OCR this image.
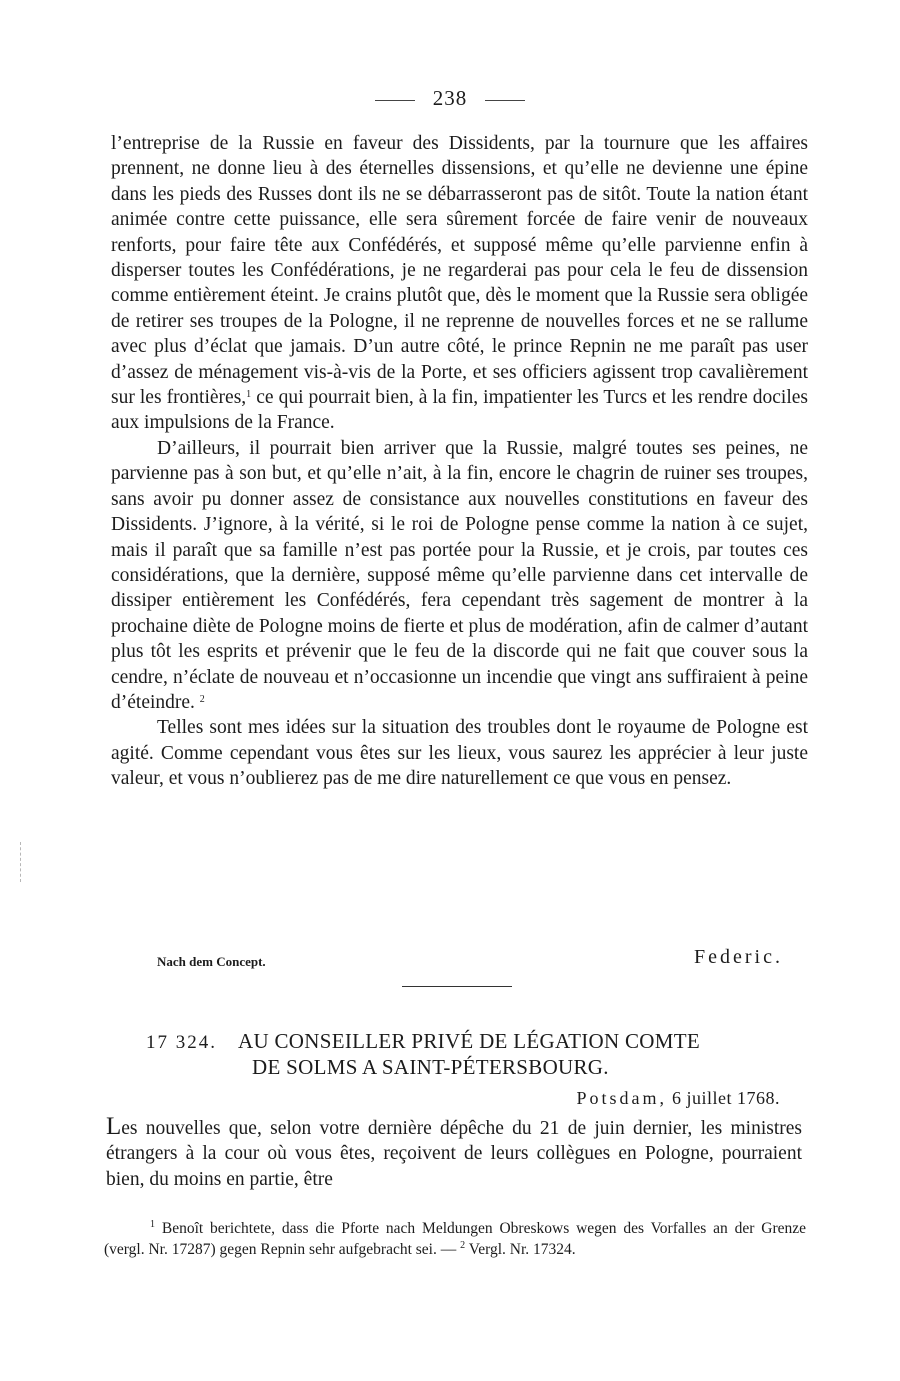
238

l’entreprise de la Russie en faveur des Dissidents, par la tournure que les affaires prennent, ne donne lieu à des éternelles dissensions, et qu’elle ne devienne une épine dans les pieds des Russes dont ils ne se débarrasseront pas de sitôt. Toute la nation étant animée contre cette puissance, elle sera sûrement forcée de faire venir de nouveaux renforts, pour faire tête aux Confédérés, et supposé même qu’elle parvienne enfin à disperser toutes les Confédérations, je ne regarderai pas pour cela le feu de dissension comme entièrement éteint. Je crains plutôt que, dès le moment que la Russie sera obligée de retirer ses troupes de la Pologne, il ne reprenne de nouvelles forces et ne se rallume avec plus d’éclat que jamais. D’un autre côté, le prince Repnin ne me paraît pas user d’assez de ménagement vis-à-vis de la Porte, et ses officiers agissent trop cavalièrement sur les frontières,$^1$ ce qui pourrait bien, à la fin, impatienter les Turcs et les rendre dociles aux impulsions de la France.

D’ailleurs, il pourrait bien arriver que la Russie, malgré toutes ses peines, ne parvienne pas à son but, et qu’elle n’ait, à la fin, encore le chagrin de ruiner ses troupes, sans avoir pu donner assez de consistance aux nouvelles constitutions en faveur des Dissidents. J’ignore, à la vérité, si le roi de Pologne pense comme la nation à ce sujet, mais il paraît que sa famille n’est pas portée pour la Russie, et je crois, par toutes ces considérations, que la dernière, supposé même qu’elle parvienne dans cet intervalle de dissiper entièrement les Confédérés, fera cependant très sagement de montrer à la prochaine diète de Pologne moins de fierte et plus de modération, afin de calmer d’autant plus tôt les esprits et prévenir que le feu de la discorde qui ne fait que couver sous la cendre, n’éclate de nouveau et n’occasionne un incendie que vingt ans suffiraient à peine d’éteindre. $^2$

Telles sont mes idées sur la situation des troubles dont le royaume de Pologne est agité. Comme cependant vous êtes sur les lieux, vous saurez les apprécier à leur juste valeur, et vous n’oublierez pas de me dire naturellement ce que vous en pensez.

Nach dem Concept.	Federic.
17 324. AU CONSEILLER PRIVÉ DE LÉGATION COMTE
DE SOLMS A SAINT-PÉTERSBOURG.
Potsdam, 6 juillet 1768.

Les nouvelles que, selon votre dernière dépêche du 21 de juin dernier, les ministres étrangers à la cour où vous êtes, reçoivent de leurs collègues en Pologne, pourraient bien, du moins en partie, être

$^1$ Benoît berichtete, dass die Pforte nach Meldungen Obreskows wegen des Vorfalles an der Grenze (vergl. Nr. 17287) gegen Repnin sehr aufgebracht sei. — $^2$ Vergl. Nr. 17324.
